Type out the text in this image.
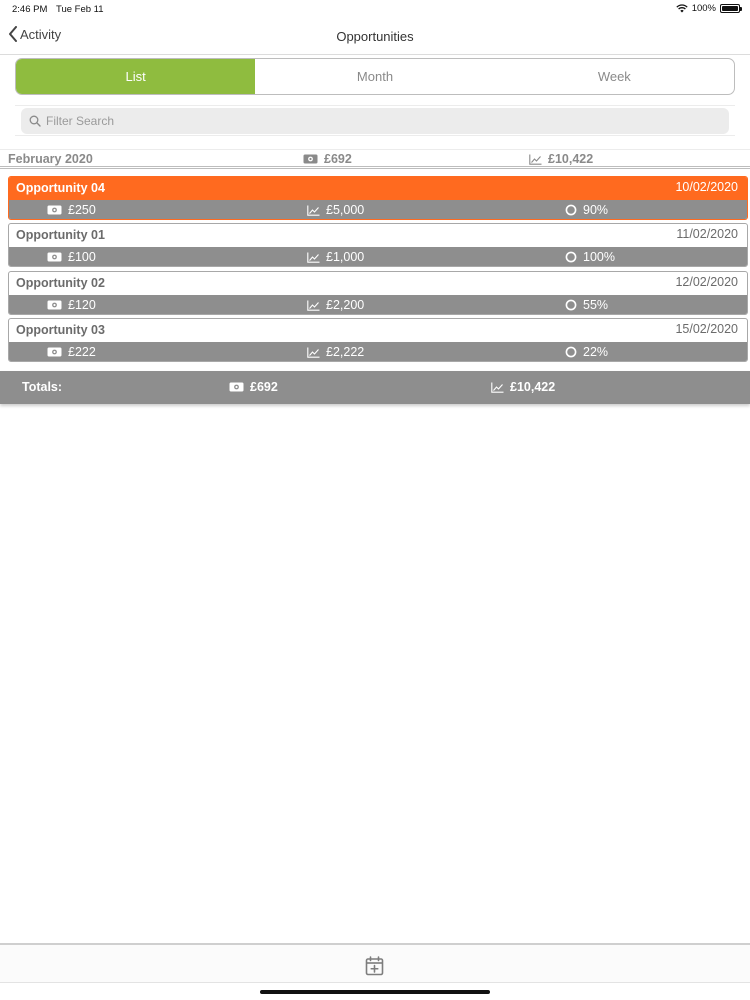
2:46 PM Tue Feb 11	100%
Activity	Opportunities
List	Month	Week
Filter Search
February 2020	£692	£10,422
Opportunity 04	10/02/2020
£250	£5,000	90%
Opportunity 01	11/02/2020
£100	£1,000	100%
Opportunity 02	12/02/2020
£120	£2,200	55%
Opportunity 03	15/02/2020
£222	£2,222	22%
Totals:	£692	£10,422
